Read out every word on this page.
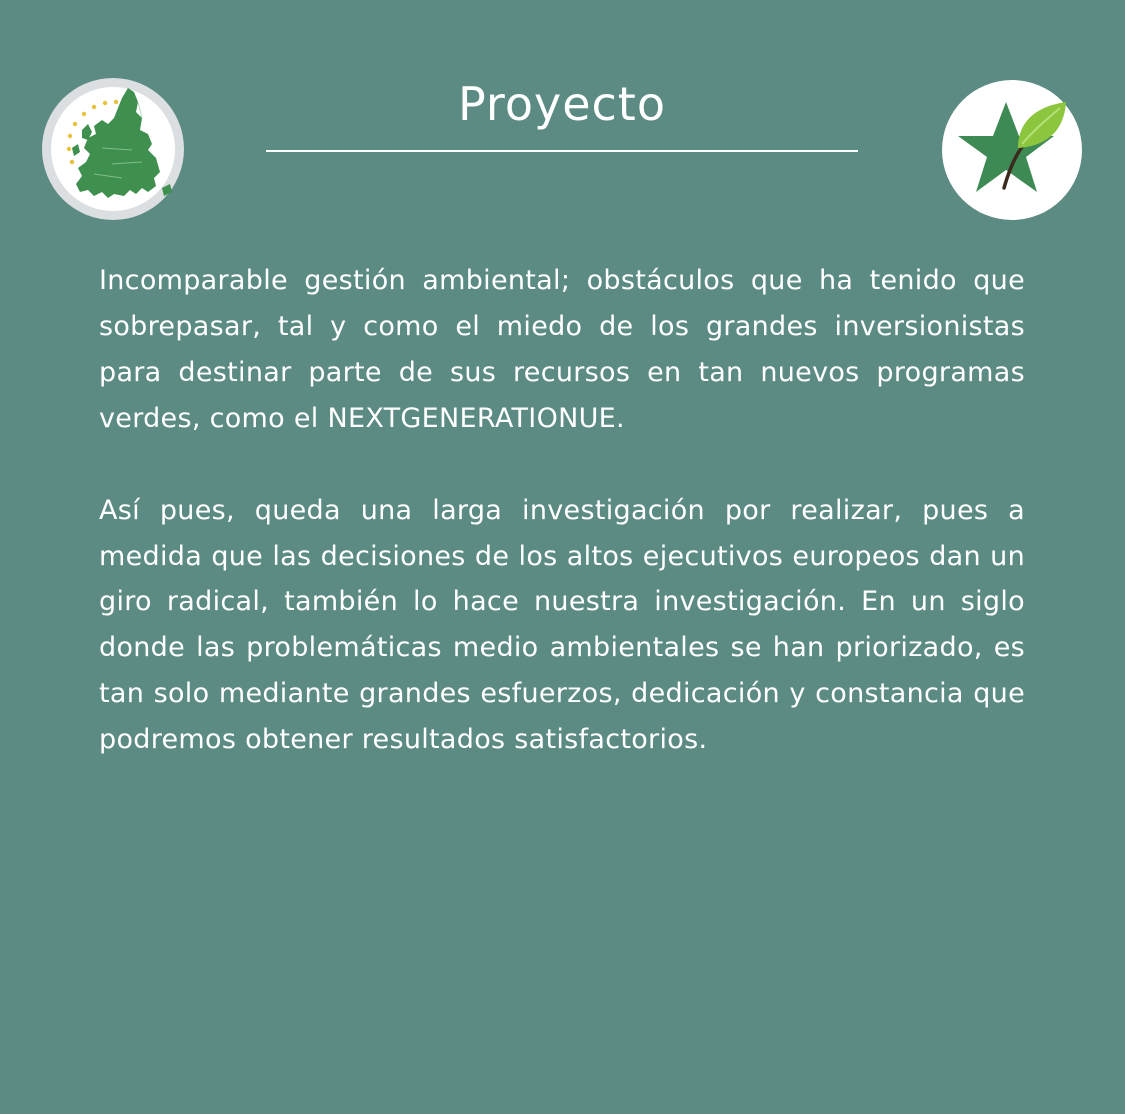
Proyecto

Incomparable gestión ambiental; obstáculos que ha tenido que sobrepasar, tal y como el miedo de los grandes inversionistas para destinar parte de sus recursos en tan nuevos programas verdes, como el NEXTGENERATIONUE.

Así pues, queda una larga investigación por realizar, pues a medida que las decisiones de los altos ejecutivos europeos dan un giro radical, también lo hace nuestra investigación. En un siglo donde las problemáticas medio ambientales se han priorizado, es tan solo mediante grandes esfuerzos, dedicación y constancia que podremos obtener resultados satisfactorios.
